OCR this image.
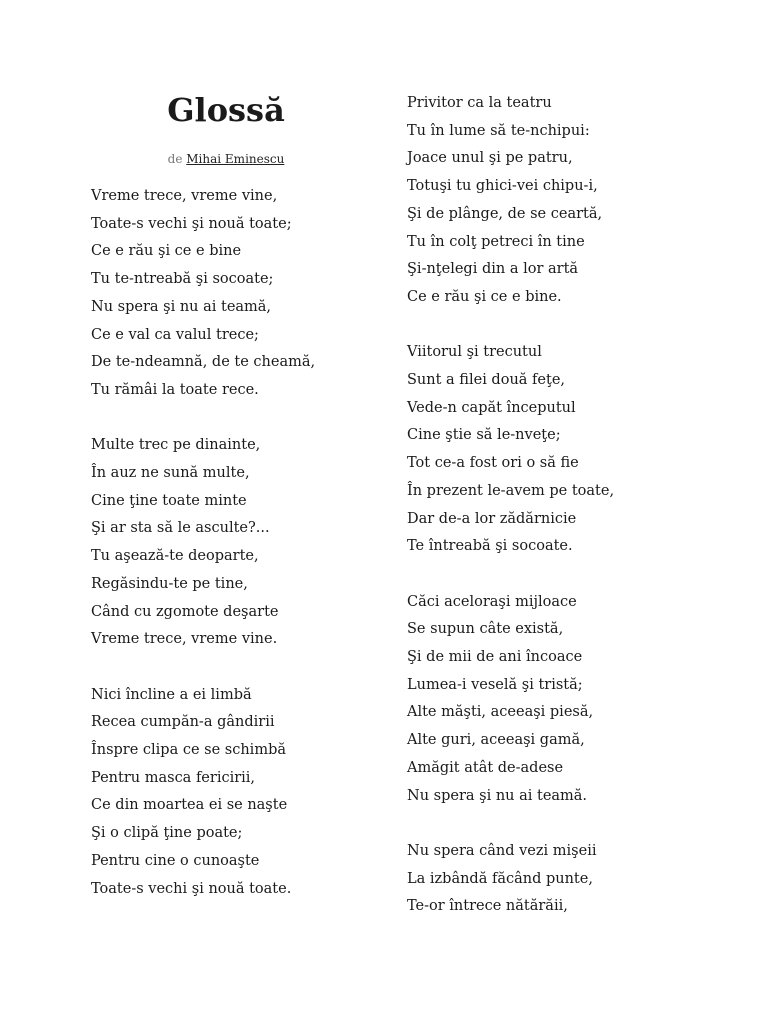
Glossă
de Mihai Eminescu
Vreme trece, vreme vine,
Toate-s vechi şi nouă toate;
Ce e rău şi ce e bine
Tu te-ntreabă şi socoate;
Nu spera şi nu ai teamă,
Ce e val ca valul trece;
De te-ndeamnă, de te cheamă,
Tu rămâi la toate rece.
Multe trec pe dinainte,
În auz ne sună multe,
Cine ţine toate minte
Şi ar sta să le asculte?...
Tu aşează-te deoparte,
Regăsindu-te pe tine,
Când cu zgomote deşarte
Vreme trece, vreme vine.
Nici încline a ei limbă
Recea cumpăn-a gândirii
Înspre clipa ce se schimbă
Pentru masca fericirii,
Ce din moartea ei se naşte
Şi o clipă ţine poate;
Pentru cine o cunoaşte
Toate-s vechi şi nouă toate.
Privitor ca la teatru
Tu în lume să te-nchipui:
Joace unul şi pe patru,
Totuşi tu ghici-vei chipu-i,
Şi de plânge, de se ceartă,
Tu în colţ petreci în tine
Şi-nţelegi din a lor artă
Ce e rău şi ce e bine.
Viitorul şi trecutul
Sunt a filei două feţe,
Vede-n capăt începutul
Cine ştie să le-nveţe;
Tot ce-a fost ori o să fie
În prezent le-avem pe toate,
Dar de-a lor zădărnicie
Te întreabă şi socoate.
Căci aceloraşi mijloace
Se supun câte există,
Şi de mii de ani încoace
Lumea-i veselă şi tristă;
Alte măşti, aceeaşi piesă,
Alte guri, aceeaşi gamă,
Amăgit atât de-adese
Nu spera şi nu ai teamă.
Nu spera când vezi mişeii
La izbândă făcând punte,
Te-or întrece nătărăii,
